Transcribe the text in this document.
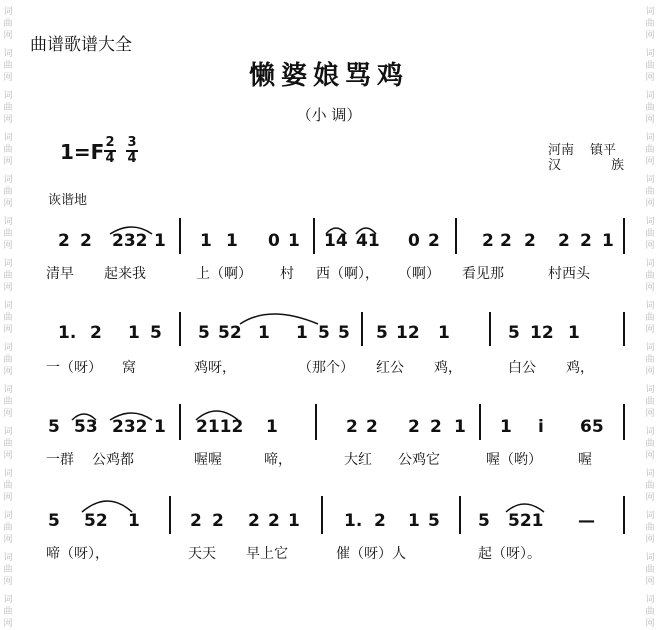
词曲网
词曲网
词曲网
词曲网
词曲网
词曲网
词曲网
词曲网
词曲网
词曲网
词曲网
词曲网
词曲网
词曲网
词曲网
词曲网
词曲网
词曲网
词曲网
词曲网
词曲网
词曲网
词曲网
词曲网
词曲网
词曲网
词曲网
词曲网
词曲网
词曲网
曲谱歌谱大全
懒婆娘骂鸡
（小 调）
1=F 2
4
3
4
河南 镇平
汉	族
诙谐地
2 2 232 1 1 1 0 1 14 41 0 2 2 2 2 2 2 1
清早 起来我	上（啊） 村 西（啊）， （啊） 看见那	村西头
1. 2 1 5 5 52 1 1 5 5 5 12 1	5 12 1
一（呀） 窝	鸡呀，	（那个） 红公 鸡，	白公 鸡，
5 53 232 1 2112 1	2 2 2 2 1 1 i 65
一群 公鸡都	喔喔	啼，	大红 公鸡它	喔（哟）	喔
5 52 1	2 2 2 2 1	1. 2 1 5 5 521 —
啼（呀），	天天 早上它	催（呀）人	起（呀）。
